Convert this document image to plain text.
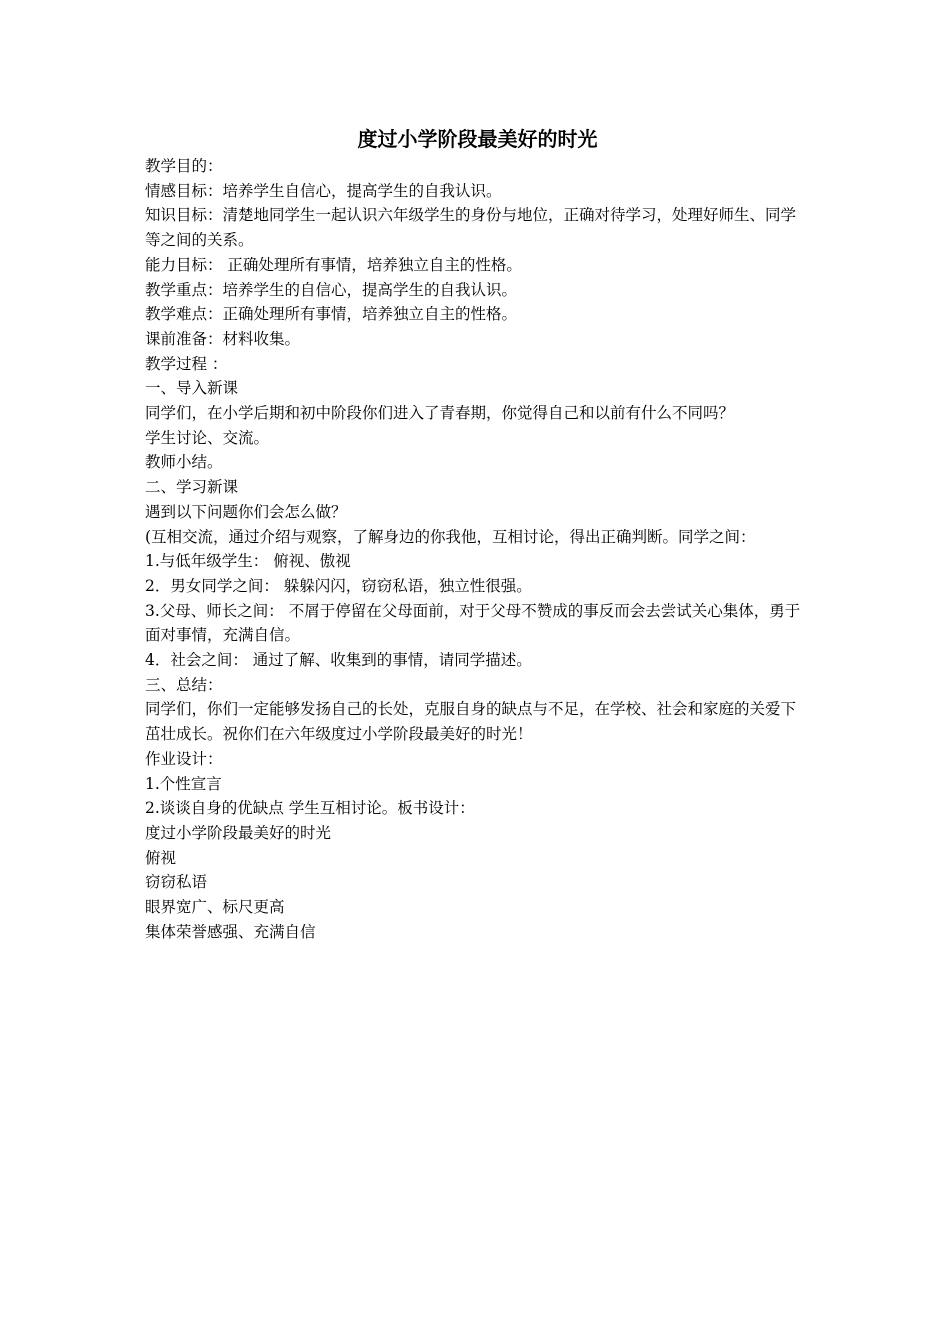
度过小学阶段最美好的时光

教学目的：

情感目标：培养学生自信心，提高学生的自我认识。

知识目标：清楚地同学生一起认识六年级学生的身份与地位，正确对待学习，处理好师生、同学等之间的关系。

能力目标： 正确处理所有事情，培养独立自主的性格。

教学重点：培养学生的自信心，提高学生的自我认识。

教学难点：正确处理所有事情，培养独立自主的性格。

课前准备：材料收集。

教学过程 ：

一、导入新课

同学们，在小学后期和初中阶段你们进入了青春期，你觉得自己和以前有什么不同吗？

学生讨论、交流。

教师小结。

二、学习新课

遇到以下问题你们会怎么做？

(互相交流，通过介绍与观察，了解身边的你我他，互相讨论，得出正确判断。同学之间：

1.与低年级学生： 俯视、傲视

2．男女同学之间： 躲躲闪闪，窃窃私语，独立性很强。

3.父母、师长之间： 不屑于停留在父母面前，对于父母不赞成的事反而会去尝试关心集体，勇于面对事情，充满自信。

4．社会之间： 通过了解、收集到的事情，请同学描述。

三、总结：

同学们，你们一定能够发扬自己的长处，克服自身的缺点与不足，在学校、社会和家庭的关爱下茁壮成长。祝你们在六年级度过小学阶段最美好的时光！

作业设计：

1.个性宣言

2.谈谈自身的优缺点 学生互相讨论。板书设计：

度过小学阶段最美好的时光

俯视

窃窃私语

眼界宽广、标尺更高

集体荣誉感强、充满自信
